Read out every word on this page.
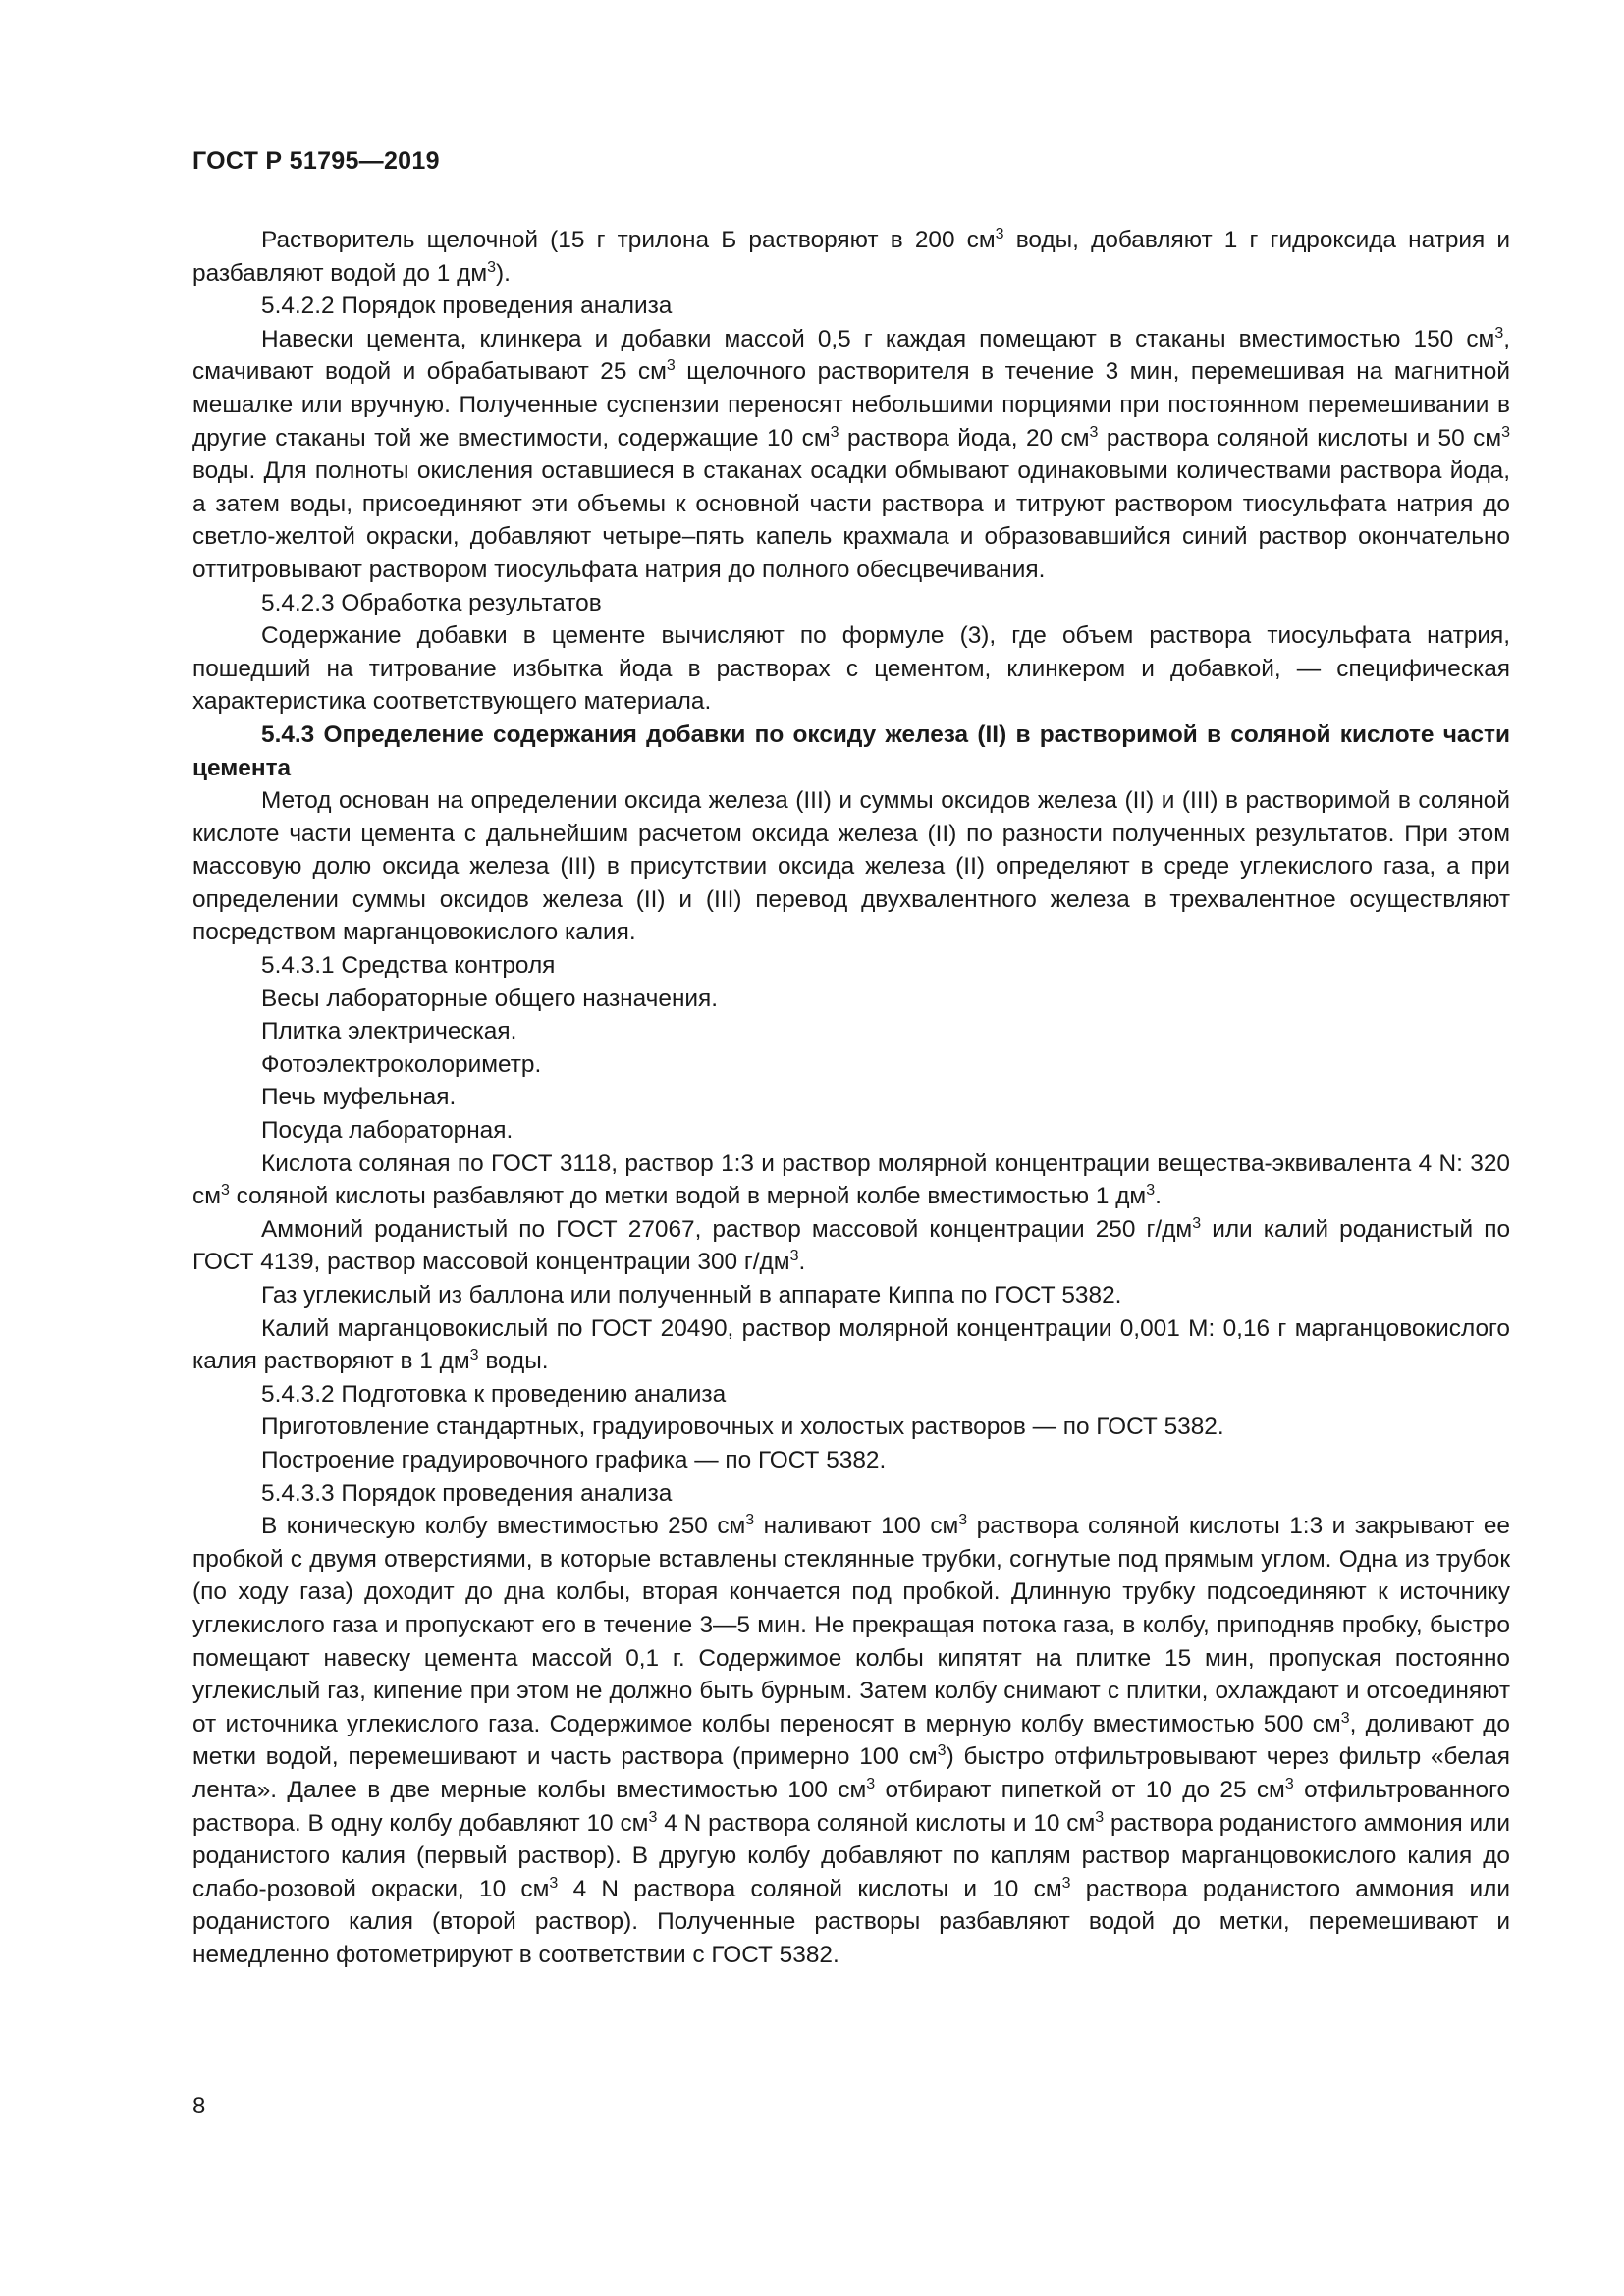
ГОСТ Р 51795—2019

Растворитель щелочной (15 г трилона Б растворяют в 200 $см^3$ воды, добавляют 1 г гидроксида натрия и разбавляют водой до 1 $дм^3$).

5.4.2.2 Порядок проведения анализа

Навески цемента, клинкера и добавки массой 0,5 г каждая помещают в стаканы вместимостью 150 $см^3$, смачивают водой и обрабатывают 25 $см^3$ щелочного растворителя в течение 3 мин, перемешивая на магнитной мешалке или вручную. Полученные суспензии переносят небольшими порциями при постоянном перемешивании в другие стаканы той же вместимости, содержащие 10 $см^3$ раствора йода, 20 $см^3$ раствора соляной кислоты и 50 $см^3$ воды. Для полноты окисления оставшиеся в стаканах осадки обмывают одинаковыми количествами раствора йода, а затем воды, присоединяют эти объемы к основной части раствора и титруют раствором тиосульфата натрия до светло-желтой окраски, добавляют четыре–пять капель крахмала и образовавшийся синий раствор окончательно оттитровывают раствором тиосульфата натрия до полного обесцвечивания.

5.4.2.3 Обработка результатов

Содержание добавки в цементе вычисляют по формуле (3), где объем раствора тиосульфата натрия, пошедший на титрование избытка йода в растворах с цементом, клинкером и добавкой, — специфическая характеристика соответствующего материала.

5.4.3 Определение содержания добавки по оксиду железа (II) в растворимой в соляной кислоте части цемента

Метод основан на определении оксида железа (III) и суммы оксидов железа (II) и (III) в растворимой в соляной кислоте части цемента с дальнейшим расчетом оксида железа (II) по разности полученных результатов. При этом массовую долю оксида железа (III) в присутствии оксида железа (II) определяют в среде углекислого газа, а при определении суммы оксидов железа (II) и (III) перевод двухвалентного железа в трехвалентное осуществляют посредством марганцовокислого калия.

5.4.3.1 Средства контроля

Весы лабораторные общего назначения.

Плитка электрическая.

Фотоэлектроколориметр.

Печь муфельная.

Посуда лабораторная.

Кислота соляная по ГОСТ 3118, раствор 1:3 и раствор молярной концентрации вещества-эквивалента 4 N: 320 $см^3$ соляной кислоты разбавляют до метки водой в мерной колбе вместимостью 1 $дм^3$.

Аммоний роданистый по ГОСТ 27067, раствор массовой концентрации 250 $г/дм^3$ или калий роданистый по ГОСТ 4139, раствор массовой концентрации 300 $г/дм^3$.

Газ углекислый из баллона или полученный в аппарате Киппа по ГОСТ 5382.

Калий марганцовокислый по ГОСТ 20490, раствор молярной концентрации 0,001 М: 0,16 г марганцовокислого калия растворяют в 1 $дм^3$ воды.

5.4.3.2 Подготовка к проведению анализа

Приготовление стандартных, градуировочных и холостых растворов — по ГОСТ 5382.

Построение градуировочного графика — по ГОСТ 5382.

5.4.3.3 Порядок проведения анализа

В коническую колбу вместимостью 250 $см^3$ наливают 100 $см^3$ раствора соляной кислоты 1:3 и закрывают ее пробкой с двумя отверстиями, в которые вставлены стеклянные трубки, согнутые под прямым углом. Одна из трубок (по ходу газа) доходит до дна колбы, вторая кончается под пробкой. Длинную трубку подсоединяют к источнику углекислого газа и пропускают его в течение 3—5 мин. Не прекращая потока газа, в колбу, приподняв пробку, быстро помещают навеску цемента массой 0,1 г. Содержимое колбы кипятят на плитке 15 мин, пропуская постоянно углекислый газ, кипение при этом не должно быть бурным. Затем колбу снимают с плитки, охлаждают и отсоединяют от источника углекислого газа. Содержимое колбы переносят в мерную колбу вместимостью 500 $см^3$, доливают до метки водой, перемешивают и часть раствора (примерно 100 $см^3$) быстро отфильтровывают через фильтр «белая лента». Далее в две мерные колбы вместимостью 100 $см^3$ отбирают пипеткой от 10 до 25 $см^3$ отфильтрованного раствора. В одну колбу добавляют 10 $см^3$ 4 N раствора соляной кислоты и 10 $см^3$ раствора роданистого аммония или роданистого калия (первый раствор). В другую колбу добавляют по каплям раствор марганцовокислого калия до слабо-розовой окраски, 10 $см^3$ 4 N раствора соляной кислоты и 10 $см^3$ раствора роданистого аммония или роданистого калия (второй раствор). Полученные растворы разбавляют водой до метки, перемешивают и немедленно фотометрируют в соответствии с ГОСТ 5382.

8
